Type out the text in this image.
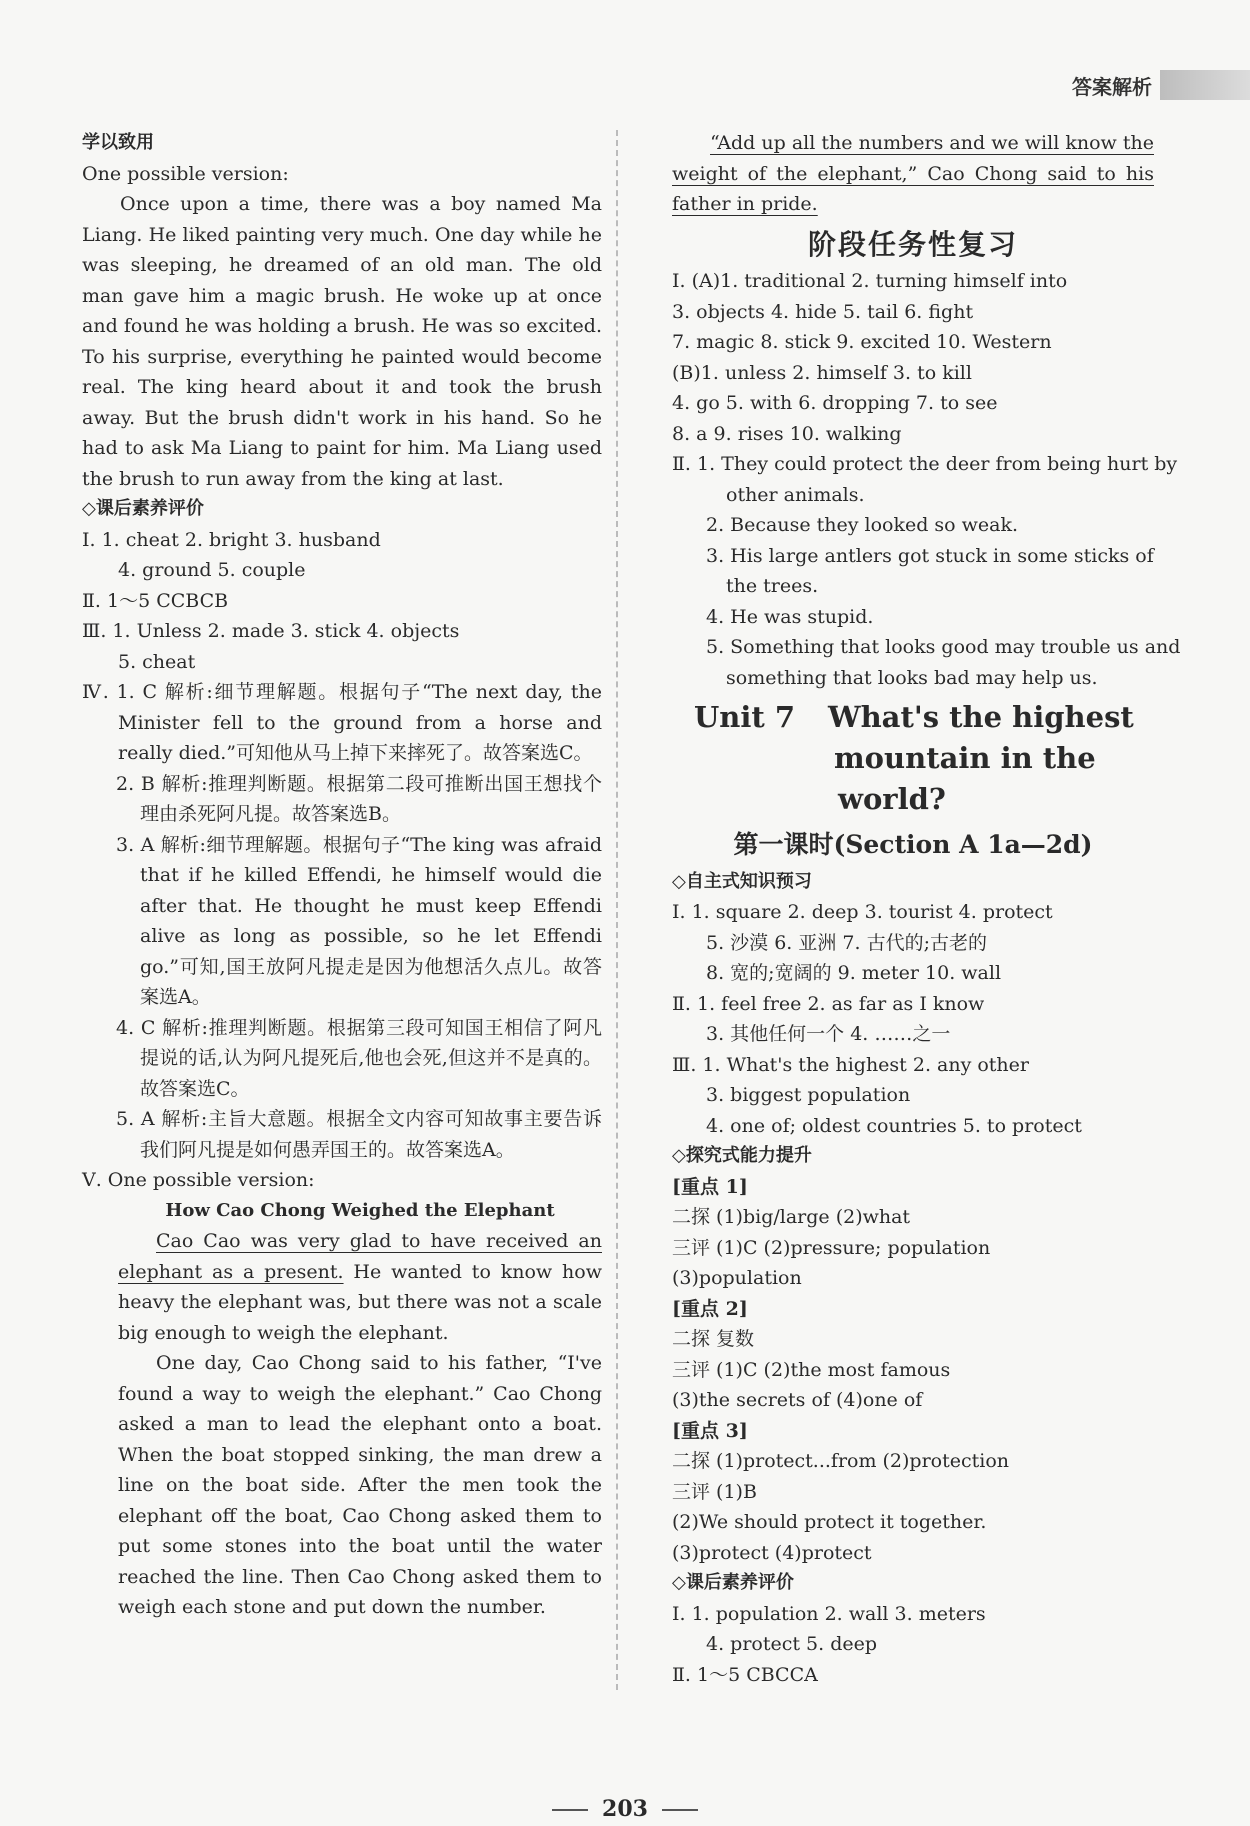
答案解析

学以致用

One possible version:

Once upon a time, there was a boy named Ma Liang. He liked painting very much. One day while he was sleeping, he dreamed of an old man. The old man gave him a magic brush. He woke up at once and found he was holding a brush. He was so excited. To his surprise, everything he painted would become real. The king heard about it and took the brush away. But the brush didn't work in his hand. So he had to ask Ma Liang to paint for him. Ma Liang used the brush to run away from the king at last.

◇课后素养评价

Ⅰ. 1. cheat 2. bright 3. husband

4. ground 5. couple

Ⅱ. 1～5 CCBCB

Ⅲ. 1. Unless 2. made 3. stick 4. objects

5. cheat

Ⅳ. 1. C 解析:细节理解题。根据句子“The next day, the Minister fell to the ground from a horse and really died.”可知他从马上掉下来摔死了。故答案选C。

2. B 解析:推理判断题。根据第二段可推断出国王想找个理由杀死阿凡提。故答案选B。

3. A 解析:细节理解题。根据句子“The king was afraid that if he killed Effendi, he himself would die after that. He thought he must keep Effendi alive as long as possible, so he let Effendi go.”可知,国王放阿凡提走是因为他想活久点儿。故答案选A。

4. C 解析:推理判断题。根据第三段可知国王相信了阿凡提说的话,认为阿凡提死后,他也会死,但这并不是真的。故答案选C。

5. A 解析:主旨大意题。根据全文内容可知故事主要告诉我们阿凡提是如何愚弄国王的。故答案选A。

Ⅴ. One possible version:

How Cao Chong Weighed the Elephant

Cao Cao was very glad to have received an elephant as a present. He wanted to know how heavy the elephant was, but there was not a scale big enough to weigh the elephant.

One day, Cao Chong said to his father, “I've found a way to weigh the elephant.” Cao Chong asked a man to lead the elephant onto a boat. When the boat stopped sinking, the man drew a line on the boat side. After the men took the elephant off the boat, Cao Chong asked them to put some stones into the boat until the water reached the line. Then Cao Chong asked them to weigh each stone and put down the number.

“Add up all the numbers and we will know the weight of the elephant,” Cao Chong said to his father in pride.

阶段任务性复习

Ⅰ. (A)1. traditional 2. turning himself into

3. objects 4. hide 5. tail 6. fight

7. magic 8. stick 9. excited 10. Western

(B)1. unless 2. himself 3. to kill

4. go 5. with 6. dropping 7. to see

8. a 9. rises 10. walking

Ⅱ. 1. They could protect the deer from being hurt by

other animals.

2. Because they looked so weak.

3. His large antlers got stuck in some sticks of

the trees.

4. He was stupid.

5. Something that looks good may trouble us and

something that looks bad may help us.

Unit 7 What's the highest
mountain in the
world?

第一课时(Section A 1a—2d)

◇自主式知识预习

Ⅰ. 1. square 2. deep 3. tourist 4. protect

5. 沙漠 6. 亚洲 7. 古代的;古老的

8. 宽的;宽阔的 9. meter 10. wall

Ⅱ. 1. feel free 2. as far as I know

3. 其他任何一个 4. ……之一

Ⅲ. 1. What's the highest 2. any other

3. biggest population

4. one of; oldest countries 5. to protect

◇探究式能力提升

[重点 1]

二探 (1)big/large (2)what

三评 (1)C (2)pressure; population

(3)population

[重点 2]

二探 复数

三评 (1)C (2)the most famous

(3)the secrets of (4)one of

[重点 3]

二探 (1)protect...from (2)protection

三评 (1)B

(2)We should protect it together.

(3)protect (4)protect

◇课后素养评价

Ⅰ. 1. population 2. wall 3. meters

4. protect 5. deep

Ⅱ. 1～5 CBCCA

203
